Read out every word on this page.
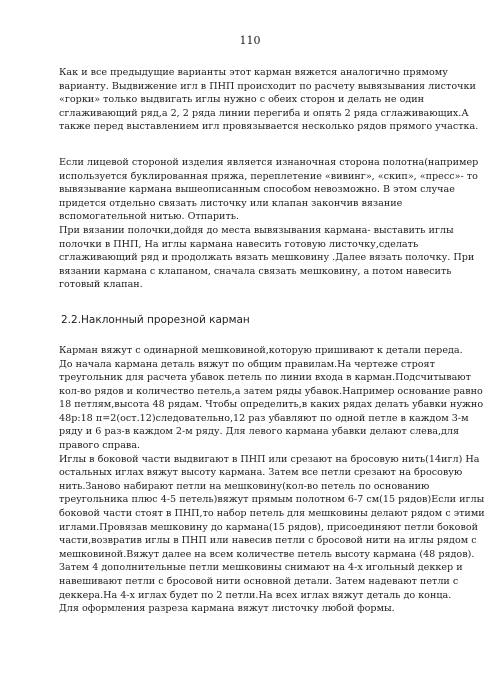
110

Как и все предыдущие варианты этот карман вяжется аналогично прямому
варианту. Выдвижение игл в ПНП происходит по расчету вывязывания листочки
«горки» только выдвигать иглы нужно с обеих сторон и делать не один
сглаживающий ряд,а 2, 2 ряда линии перегиба и опять 2 ряда сглаживающих.А
также перед выставлением игл провязывается несколько рядов прямого участка.

Если лицевой стороной изделия является изнаночная сторона полотна(например
используется буклированная пряжа, переплетение «вивинг», «скип», «пресс»- то
вывязывание кармана вышеописанным способом невозможно. В этом случае
придется отдельно связать листочку или клапан закончив вязание
вспомогательной нитью. Отпарить.
При вязании полочки,дойдя до места вывязывания кармана- выставить иглы
полочки в ПНП, На иглы кармана навесить готовую листочку,сделать
сглаживающий ряд и продолжать вязать мешковину .Далее вязать полочку. При
вязании кармана с клапаном, сначала связать мешковину, а потом навесить
готовый клапан.

2.2.Наклонный прорезной карман

Карман вяжут с одинарной мешковиной,которую пришивают к детали переда.
До начала кармана деталь вяжут по общим правилам.На чертеже строят
треугольник для расчета убавок петель по линии входа в карман.Подсчитывают
кол-во рядов и количество петель,а затем ряды убавок.Например основание равно
18 петлям,высота 48 рядам. Чтобы определить,в каких рядах делать убавки нужно
48р:18 п=2(ост.12)следовательно,12 раз убавляют по одной петле в каждом 3-м
ряду и 6 раз-в каждом 2-м ряду. Для левого кармана убавки делают слева,для
правого справа.
Иглы в боковой части выдвигают в ПНП или срезают на бросовую нить(14игл) На
остальных иглах вяжут высоту кармана. Затем все петли срезают на бросовую
нить.Заново набирают петли на мешковину(кол-во петель по основанию
треугольника плюс 4-5 петель)вяжут прямым полотном 6-7 см(15 рядов)Если иглы
боковой части стоят в ПНП,то набор петель для мешковины делают рядом с этими
иглами.Провязав мешковину до кармана(15 рядов), присоединяют петли боковой
части,возвратив иглы в ПНП или навесив петли с бросовой нити на иглы рядом с
мешковиной.Вяжут далее на всем количестве петель высоту кармана (48 рядов).
Затем 4 дополнительные петли мешковины снимают на 4-х игольный деккер и
навешивают петли с бросовой нити основной детали. Затем надевают петли с
деккера.На 4-х иглах будет по 2 петли.На всех иглах вяжут деталь до конца.
Для оформления разреза кармана вяжут листочку любой формы.
